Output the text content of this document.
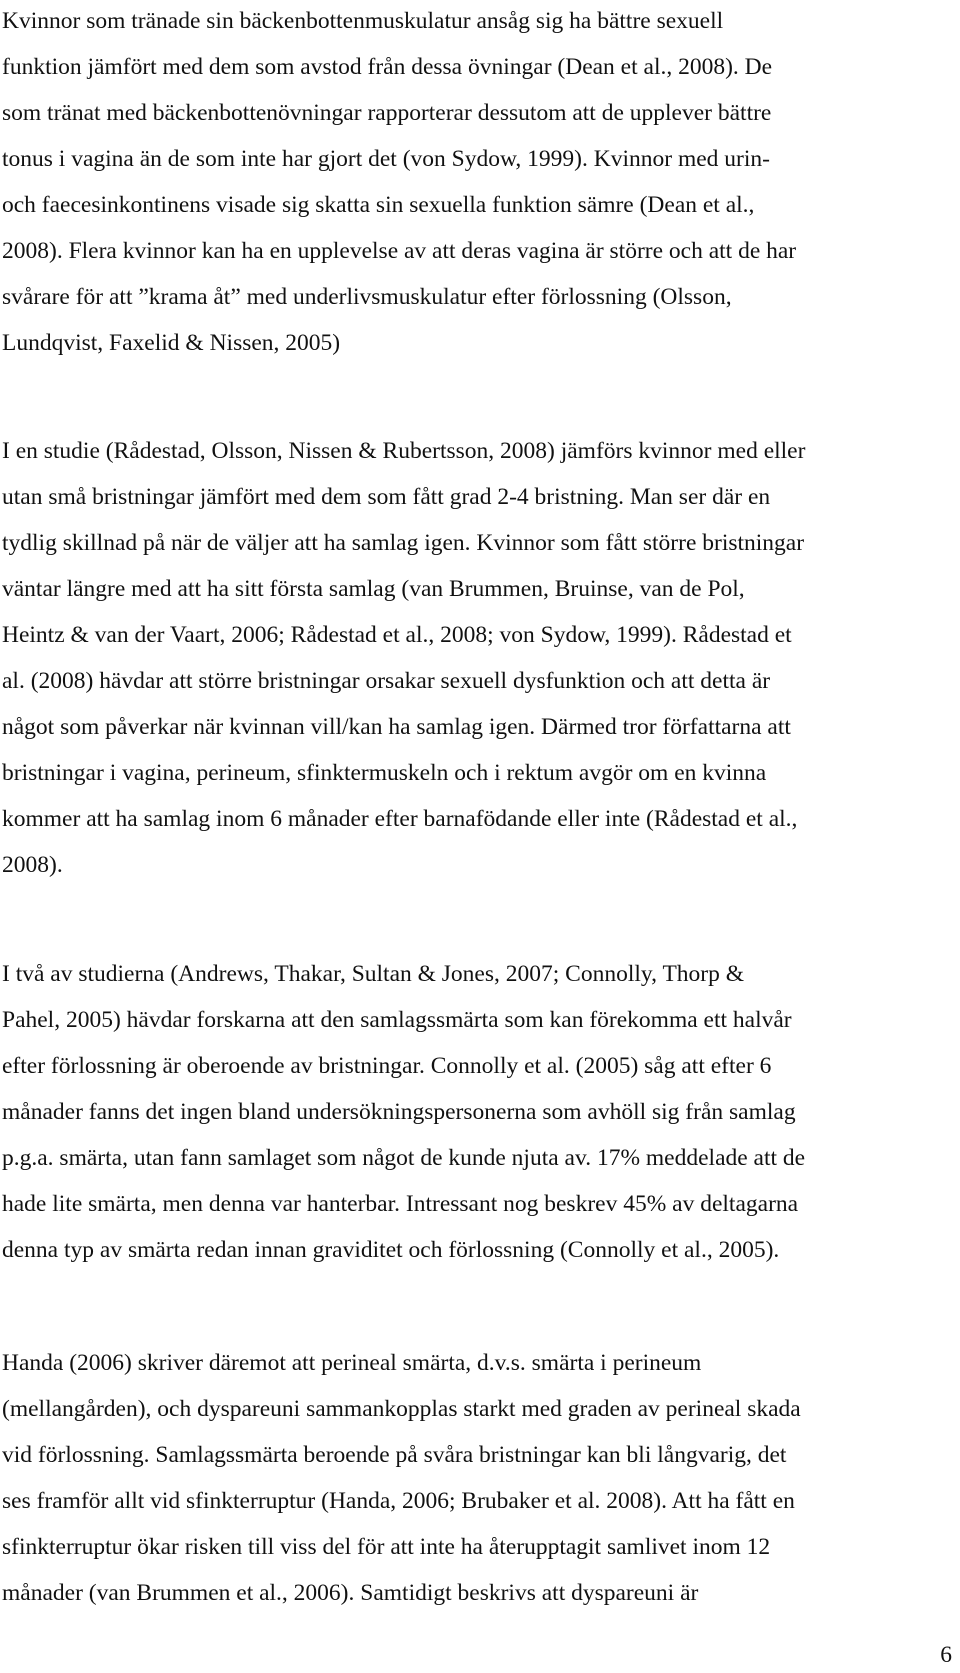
Kvinnor som tränade sin bäckenbottenmuskulatur ansåg sig ha bättre sexuell
funktion jämfört med dem som avstod från dessa övningar (Dean et al., 2008). De
som tränat med bäckenbottenövningar rapporterar dessutom att de upplever bättre
tonus i vagina än de som inte har gjort det (von Sydow, 1999). Kvinnor med urin-
och faecesinkontinens visade sig skatta sin sexuella funktion sämre (Dean et al.,
2008). Flera kvinnor kan ha en upplevelse av att deras vagina är större och att de har
svårare för att ”krama åt” med underlivsmuskulatur efter förlossning (Olsson,
Lundqvist, Faxelid & Nissen, 2005)
I en studie (Rådestad, Olsson, Nissen & Rubertsson, 2008) jämförs kvinnor med eller
utan små bristningar jämfört med dem som fått grad 2-4 bristning. Man ser där en
tydlig skillnad på när de väljer att ha samlag igen. Kvinnor som fått större bristningar
väntar längre med att ha sitt första samlag (van Brummen, Bruinse, van de Pol,
Heintz & van der Vaart, 2006; Rådestad et al., 2008; von Sydow, 1999). Rådestad et
al. (2008) hävdar att större bristningar orsakar sexuell dysfunktion och att detta är
något som påverkar när kvinnan vill/kan ha samlag igen. Därmed tror författarna att
bristningar i vagina, perineum, sfinktermuskeln och i rektum avgör om en kvinna
kommer att ha samlag inom 6 månader efter barnafödande eller inte (Rådestad et al.,
2008).
I två av studierna (Andrews, Thakar, Sultan & Jones, 2007; Connolly, Thorp &
Pahel, 2005) hävdar forskarna att den samlagssmärta som kan förekomma ett halvår
efter förlossning är oberoende av bristningar. Connolly et al. (2005) såg att efter 6
månader fanns det ingen bland undersökningspersonerna som avhöll sig från samlag
p.g.a. smärta, utan fann samlaget som något de kunde njuta av. 17% meddelade att de
hade lite smärta, men denna var hanterbar. Intressant nog beskrev 45% av deltagarna
denna typ av smärta redan innan graviditet och förlossning (Connolly et al., 2005).
Handa (2006) skriver däremot att perineal smärta, d.v.s. smärta i perineum
(mellangården), och dyspareuni sammankopplas starkt med graden av perineal skada
vid förlossning. Samlagssmärta beroende på svåra bristningar kan bli långvarig, det
ses framför allt vid sfinkterruptur (Handa, 2006; Brubaker et al. 2008). Att ha fått en
sfinkterruptur ökar risken till viss del för att inte ha återupptagit samlivet inom 12
månader (van Brummen et al., 2006). Samtidigt beskrivs att dyspareuni är
6
